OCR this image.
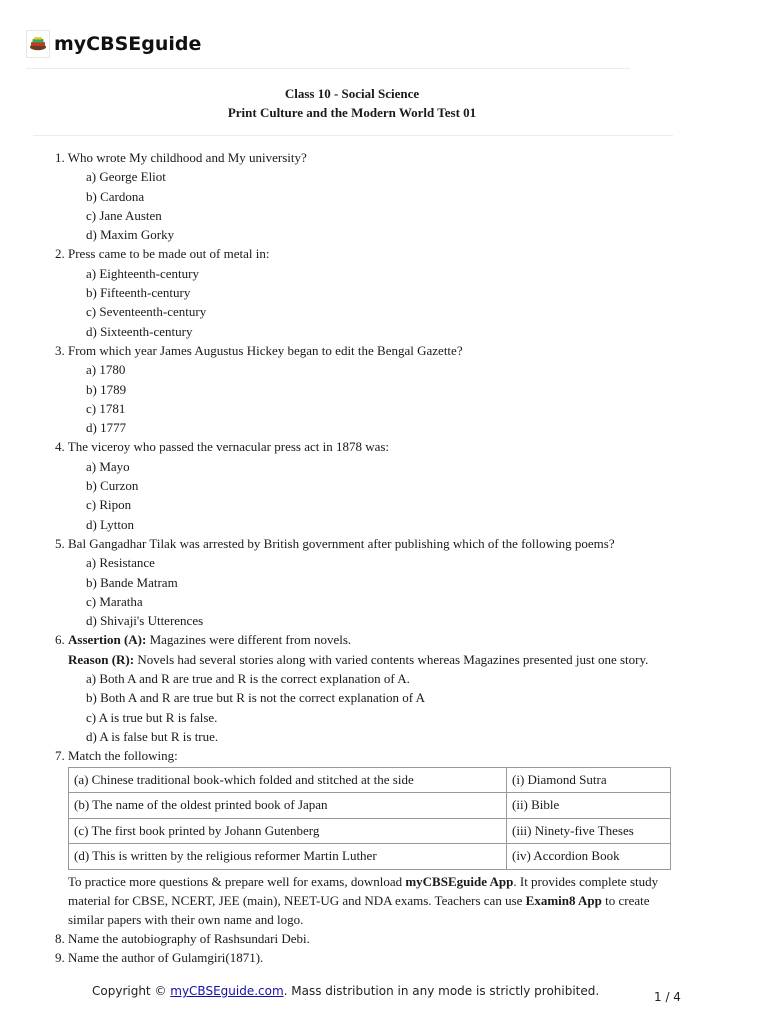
myCBSEguide
Class 10 - Social Science
Print Culture and the Modern World Test 01
1. Who wrote My childhood and My university?
a) George Eliot
b) Cardona
c) Jane Austen
d) Maxim Gorky
2. Press came to be made out of metal in:
a) Eighteenth-century
b) Fifteenth-century
c) Seventeenth-century
d) Sixteenth-century
3. From which year James Augustus Hickey began to edit the Bengal Gazette?
a) 1780
b) 1789
c) 1781
d) 1777
4. The viceroy who passed the vernacular press act in 1878 was:
a) Mayo
b) Curzon
c) Ripon
d) Lytton
5. Bal Gangadhar Tilak was arrested by British government after publishing which of the following poems?
a) Resistance
b) Bande Matram
c) Maratha
d) Shivaji's Utterences
6. Assertion (A): Magazines were different from novels.
Reason (R): Novels had several stories along with varied contents whereas Magazines presented just one story.
a) Both A and R are true and R is the correct explanation of A.
b) Both A and R are true but R is not the correct explanation of A
c) A is true but R is false.
d) A is false but R is true.
7. Match the following:
(a) Chinese traditional book-which folded and stitched at the side	(i) Diamond Sutra
(b) The name of the oldest printed book of Japan	(ii) Bible
(c) The first book printed by Johann Gutenberg	(iii) Ninety-five Theses
(d) This is written by the religious reformer Martin Luther	(iv) Accordion Book
To practice more questions & prepare well for exams, download myCBSEguide App. It provides complete study material for CBSE, NCERT, JEE (main), NEET-UG and NDA exams. Teachers can use Examin8 App to create similar papers with their own name and logo.
8. Name the autobiography of Rashsundari Debi.
9. Name the author of Gulamgiri(1871).
Copyright © myCBSEguide.com. Mass distribution in any mode is strictly prohibited.	1 / 4
